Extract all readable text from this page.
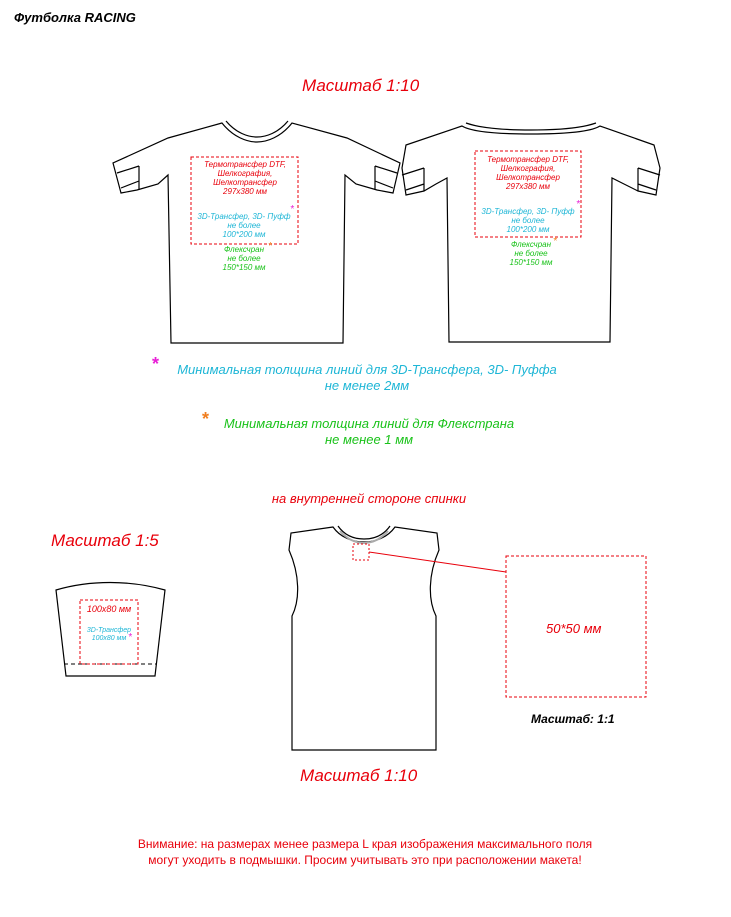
Футболка RACING
Масштаб 1:10
Термотрансфер DTF,
Шелкография,
Шелкотрансфер
297x380 мм
3D-Трансфер, 3D- Пуфф
не более
100*200 мм
*
Флексчран
не более
150*150 мм
*
Термотрансфер DTF,
Шелкография,
Шелкотрансфер
297x380 мм
3D-Трансфер, 3D- Пуфф
не более
100*200 мм
*
Флексчран
не более
150*150 мм
*
*	Минимальная толщина линий для 3D-Трансфера, 3D- Пуффа
не менее 2мм
*	Минимальная толщина линий для Флекстрана
не менее 1 мм
на внутренней стороне спинки
Масштаб 1:5
100x80 мм
3D-Трансфер
100x80 мм *
50*50 мм
Масштаб: 1:1
Масштаб 1:10
Внимание: на размерах менее размера L края изображения максимального поля
могут уходить в подмышки. Просим учитывать это при расположении макета!
